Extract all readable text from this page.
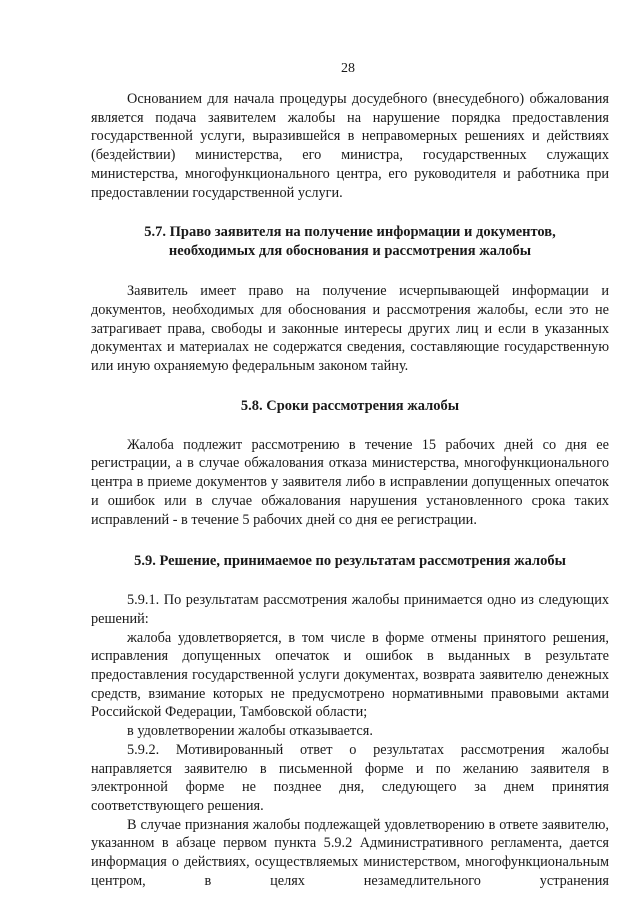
28

Основанием для начала процедуры досудебного (внесудебного) обжалования является подача заявителем жалобы на нарушение порядка предоставления государственной услуги, выразившейся в неправомерных решениях и действиях (бездействии) министерства, его министра, государственных служащих министерства, многофункционального центра, его руководителя и работника при предоставлении государственной услуги.

5.7. Право заявителя на получение информации и документов,
необходимых для обоснования и рассмотрения жалобы

Заявитель имеет право на получение исчерпывающей информации и документов, необходимых для обоснования и рассмотрения жалобы, если это не затрагивает права, свободы и законные интересы других лиц и если в указанных документах и материалах не содержатся сведения, составляющие государственную или иную охраняемую федеральным законом тайну.

5.8. Сроки рассмотрения жалобы

Жалоба подлежит рассмотрению в течение 15 рабочих дней со дня ее регистрации, а в случае обжалования отказа министерства, многофункционального центра в приеме документов у заявителя либо в исправлении допущенных опечаток и ошибок или в случае обжалования нарушения установленного срока таких исправлений - в течение 5 рабочих дней со дня ее регистрации.

5.9. Решение, принимаемое по результатам рассмотрения жалобы

5.9.1. По результатам рассмотрения жалобы принимается одно из следующих решений:

жалоба удовлетворяется, в том числе в форме отмены принятого решения, исправления допущенных опечаток и ошибок в выданных в результате предоставления государственной услуги документах, возврата заявителю денежных средств, взимание которых не предусмотрено нормативными правовыми актами Российской Федерации, Тамбовской области;

в удовлетворении жалобы отказывается.

5.9.2. Мотивированный ответ о результатах рассмотрения жалобы направляется заявителю в письменной форме и по желанию заявителя в электронной форме не позднее дня, следующего за днем принятия соответствующего решения.

В случае признания жалобы подлежащей удовлетворению в ответе заявителю, указанном в абзаце первом пункта 5.9.2 Административного регламента, дается информация о действиях, осуществляемых министерством, многофункциональным центром, в целях незамедлительного устранения
